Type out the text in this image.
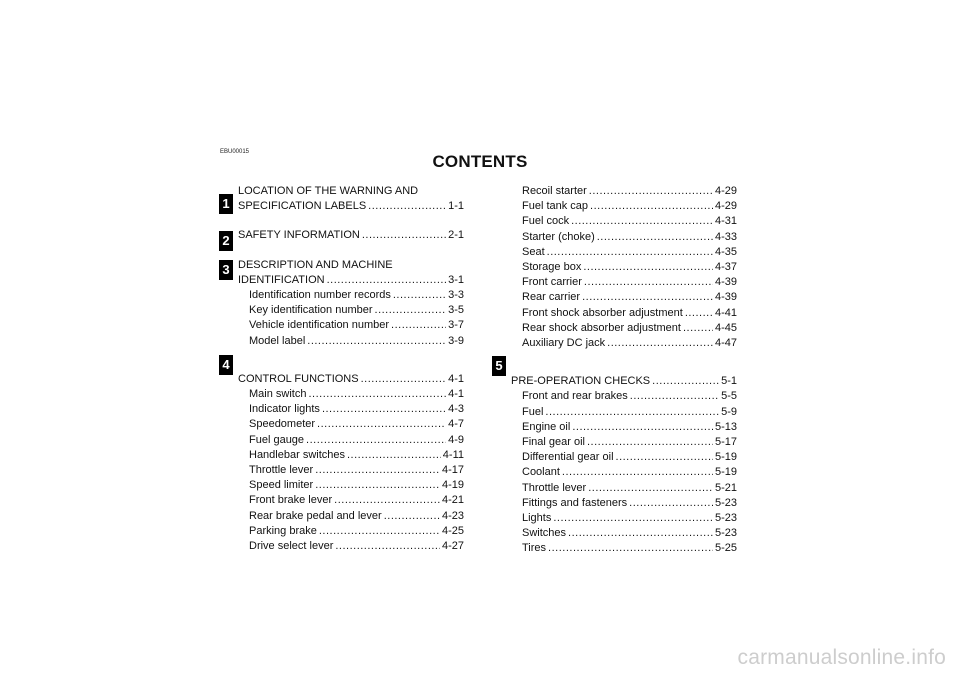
EBU00015	CONTENTS
1
2
3
4	5
LOCATION OF THE WARNING AND
SPECIFICATION LABELS .....	1-1
SAFETY INFORMATION .....	2-1
DESCRIPTION AND MACHINE
IDENTIFICATION .....	3-1
Identification number records .....	3-3
Key identification number .....	3-5
Vehicle identification number .....	3-7
Model label .....	3-9
CONTROL FUNCTIONS .....	4-1
Main switch .....	4-1
Indicator lights .....	4-3
Speedometer .....	4-7
Fuel gauge .....	4-9
Handlebar switches .....	4-11
Throttle lever .....	4-17
Speed limiter .....	4-19
Front brake lever .....	4-21
Rear brake pedal and lever .....	4-23
Parking brake .....	4-25
Drive select lever .....	4-27
Recoil starter .....	4-29
Fuel tank cap .....	4-29
Fuel cock .....	4-31
Starter (choke) .....	4-33
Seat .....	4-35
Storage box .....	4-37
Front carrier .....	4-39
Rear carrier .....	4-39
Front shock absorber adjustment .....	4-41
Rear shock absorber adjustment .....	4-45
Auxiliary DC jack .....	4-47
PRE-OPERATION CHECKS .....	5-1
Front and rear brakes .....	5-5
Fuel .....	5-9
Engine oil .....	5-13
Final gear oil .....	5-17
Differential gear oil .....	5-19
Coolant .....	5-19
Throttle lever .....	5-21
Fittings and fasteners .....	5-23
Lights .....	5-23
Switches .....	5-23
Tires .....	5-25
carmanualsonline.info
